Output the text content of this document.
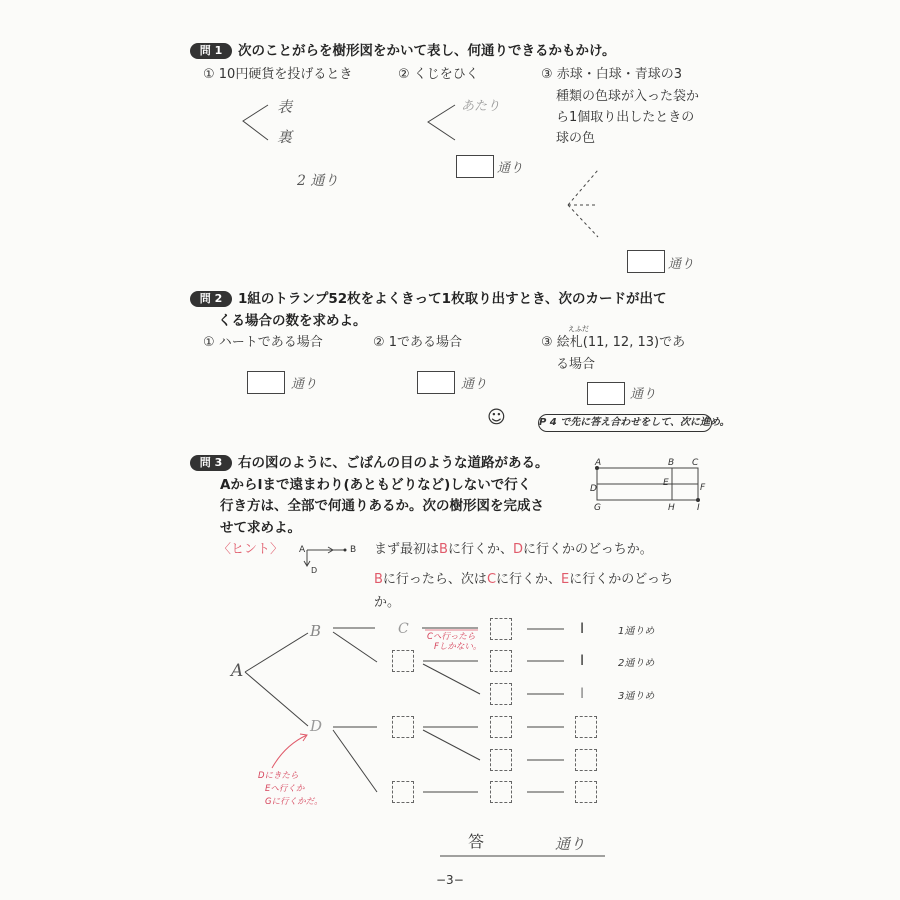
問 1	次のことがらを樹形図をかいて表し、何通りできるかもかけ。
① 10円硬貨を投げるとき	② くじをひく	③ 赤球・白球・青球の3
種類の色球が入った袋か
ら1個取り出したときの
球の色
表
裏
2 通り
あたり
通り
通り
問 2	1組のトランプ52枚をよくきって1枚取り出すとき、次のカードが出て
くる場合の数を求めよ。
① ハートである場合	② 1である場合
えふだ
③ 絵札(11, 12, 13)であ
る場合
通り	通り
通り
☺	P 4 で先に答え合わせをして、次に進め。
問 3	右の図のように、ごばんの目のような道路がある。
AからIまで遠まわり(あともどりなど)しないで行く
行き方は、全部で何通りあるか。次の樹形図を完成さ
せて求めよ。
A	B C
D
E	F
G	H I
〈ヒント〉 A	B
D
まず最初はBに行くか、Dに行くかのどっちか。
Bに行ったら、次はCに行くか、Eに行くかのどっち
か。
A
B
D
C	I
I
I
1通りめ
2通りめ
3通りめ
Cへ行ったら
Fしかない。
Dにきたら
Eへ行くか
Gに行くかだ。
答	通り
−3−
